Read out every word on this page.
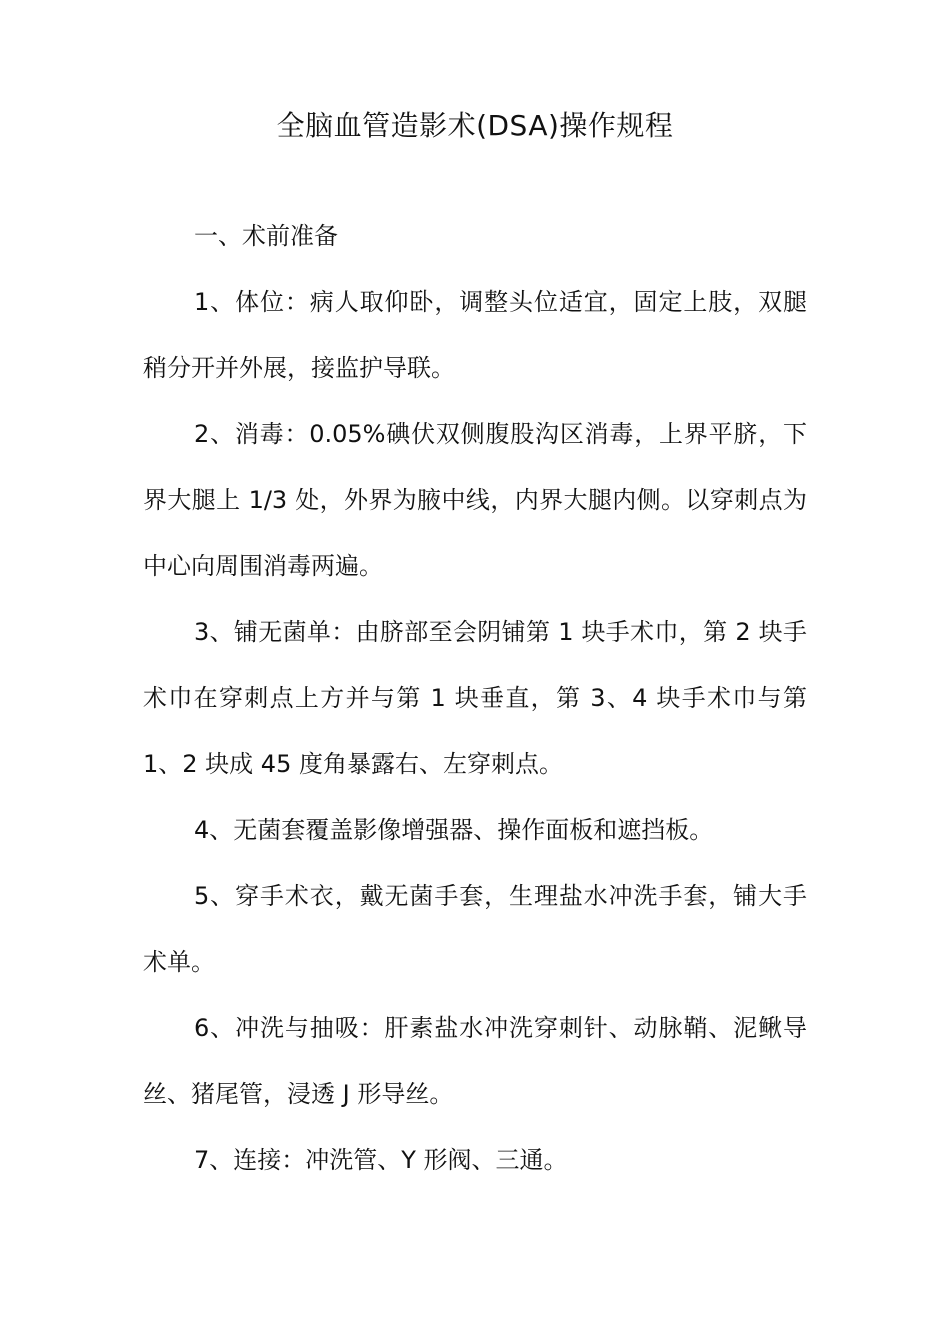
全脑血管造影术(DSA)操作规程

一、术前准备

1、体位：病人取仰卧，调整头位适宜，固定上肢，双腿稍分开并外展，接监护导联。

2、消毒：0.05%碘伏双侧腹股沟区消毒，上界平脐，下界大腿上 1/3 处，外界为腋中线，内界大腿内侧。以穿刺点为中心向周围消毒两遍。

3、铺无菌单：由脐部至会阴铺第 1 块手术巾，第 2 块手术巾在穿刺点上方并与第 1 块垂直，第 3、4 块手术巾与第 1、2 块成 45 度角暴露右、左穿刺点。

4、无菌套覆盖影像增强器、操作面板和遮挡板。

5、穿手术衣，戴无菌手套，生理盐水冲洗手套，铺大手术单。

6、冲洗与抽吸：肝素盐水冲洗穿刺针、动脉鞘、泥鳅导丝、猪尾管，浸透 J 形导丝。

7、连接：冲洗管、Y 形阀、三通。
